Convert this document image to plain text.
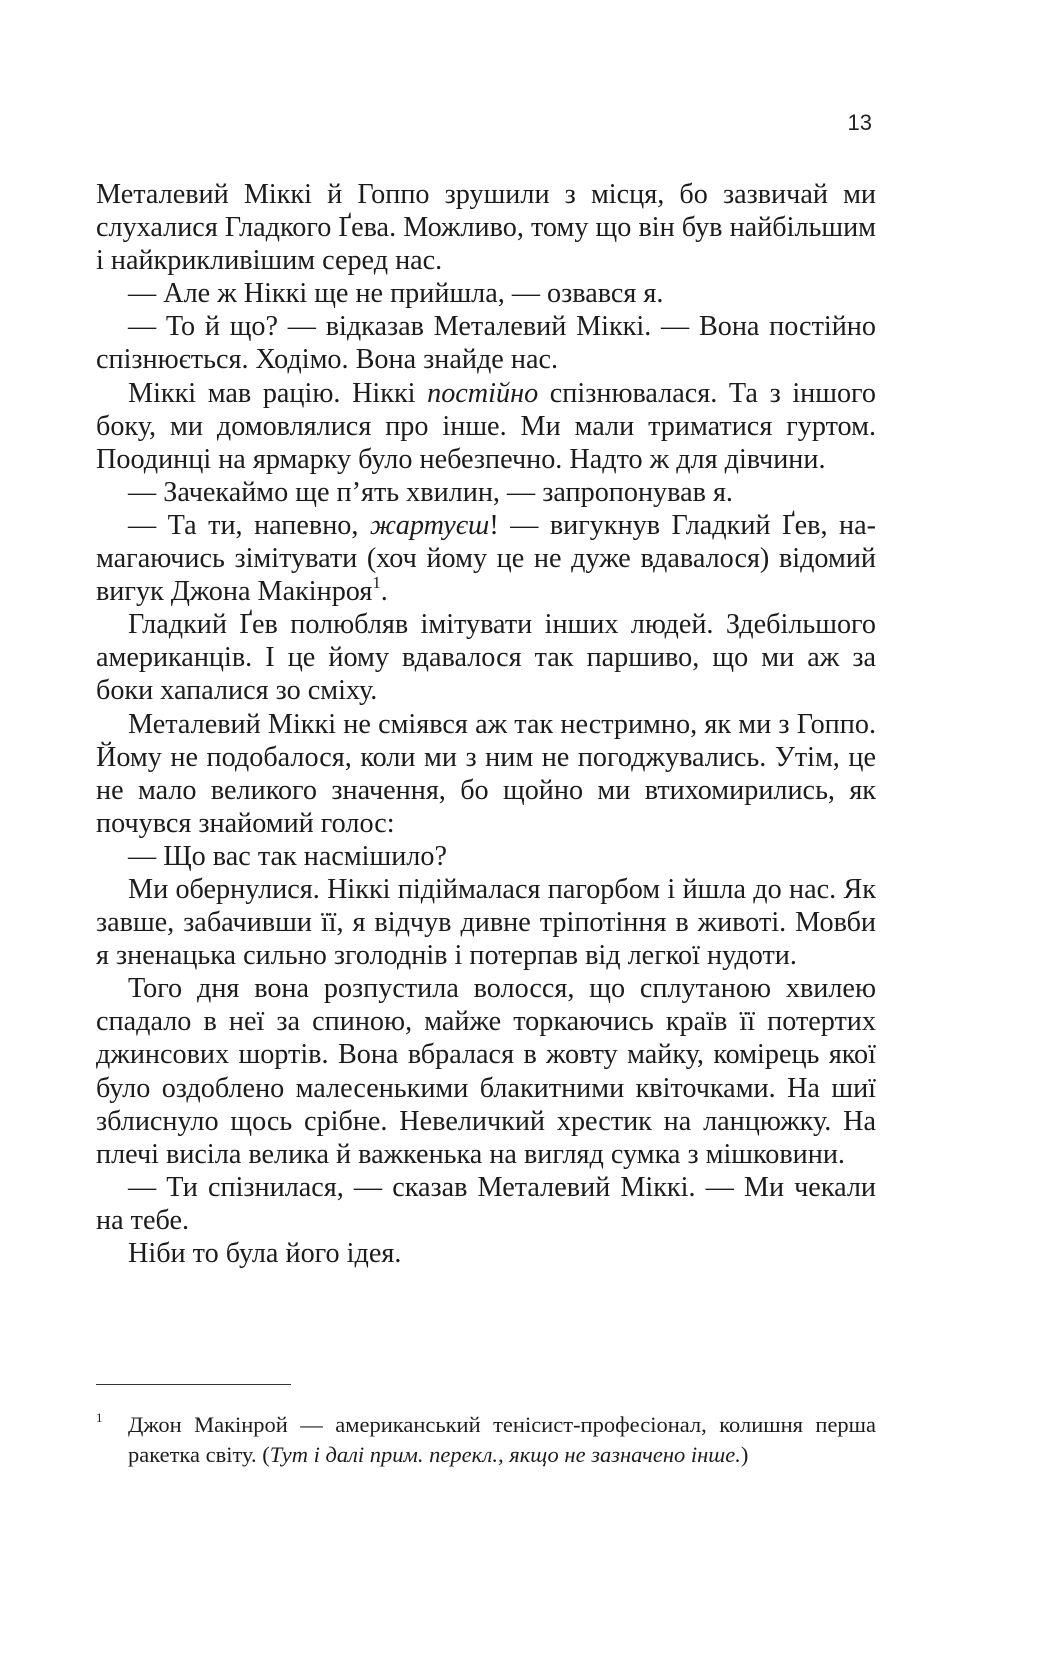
13

Металевий Міккі й Гоппо зрушили з місця, бо зазвичай ми слухалися Гладкого Ґева. Можливо, тому що він був найбільшим і найкрикливішим серед нас.

— Але ж Ніккі ще не прийшла, — озвався я.

— То й що? — відказав Металевий Міккі. — Вона постійно спізнюється. Ходімо. Вона знайде нас.

Міккі мав рацію. Ніккі постійно спізнювалася. Та з іншого боку, ми домовлялися про інше. Ми мали триматися гуртом. Поодинці на ярмарку було небезпечно. Надто ж для дівчини.

— Зачекаймо ще п’ять хвилин, — запропонував я.

— Та ти, напевно, жартуєш! — вигукнув Гладкий Ґев, намагаючись зімітувати (хоч йому це не дуже вдавалося) відомий вигук Джона Макінроя$^1$.

Гладкий Ґев полюбляв імітувати інших людей. Здебільшого американців. І це йому вдавалося так паршиво, що ми аж за боки хапалися зо сміху.

Металевий Міккі не сміявся аж так нестримно, як ми з Гоппо. Йому не подобалося, коли ми з ним не погоджувались. Утім, це не мало великого значення, бо щойно ми втихомирились, як почувся знайомий голос:

— Що вас так насмішило?

Ми обернулися. Ніккі підіймалася пагорбом і йшла до нас. Як завше, забачивши її, я відчув дивне тріпотіння в животі. Мовби я зненацька сильно зголоднів і потерпав від легкої нудоти.

Того дня вона розпустила волосся, що сплутаною хвилею спадало в неї за спиною, майже торкаючись країв її потертих джинсових шортів. Вона вбралася в жовту майку, комірець якої було оздоблено малесенькими блакитними квіточками. На шиї зблиснуло щось срібне. Невеличкий хрестик на ланцюжку. На плечі висіла велика й важкенька на вигляд сумка з мішковини.

— Ти спізнилася, — сказав Металевий Міккі. — Ми чекали на тебе.

Ніби то була його ідея.

1 Джон Макінрой — американський тенісист-професіонал, колишня перша ракетка світу. (Тут і далі прим. перекл., якщо не зазначено інше.)
